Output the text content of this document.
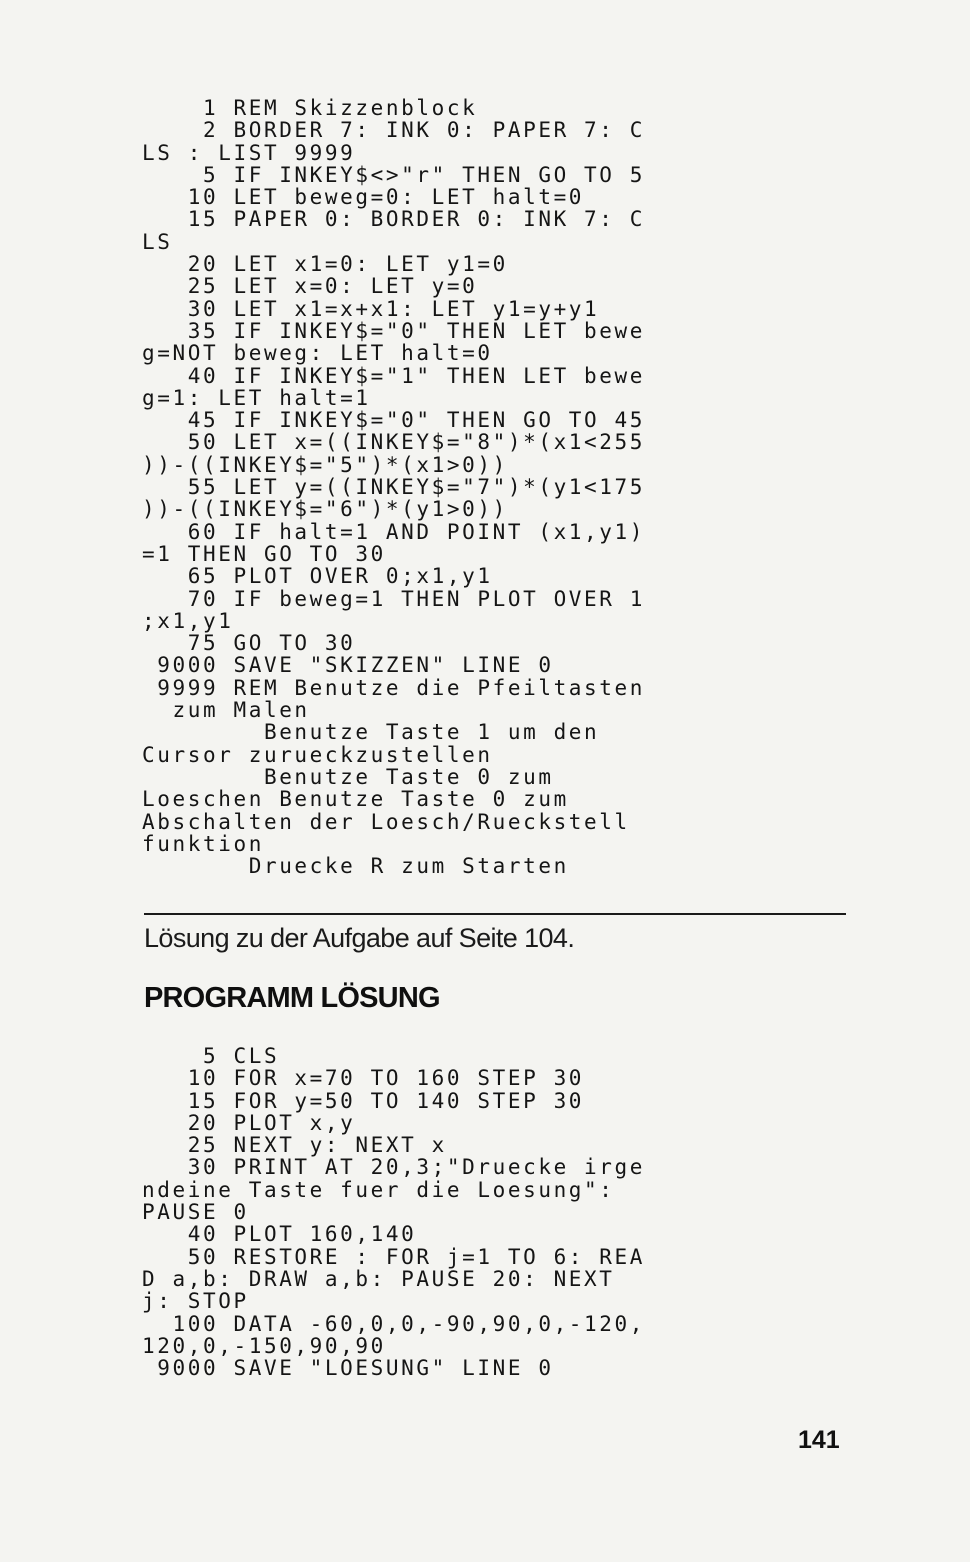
1 REM Skizzenblock
2 BORDER 7: INK 0: PAPER 7: C
LS : LIST 9999
5 IF INKEY$<>"r" THEN GO TO 5
10 LET beweg=0: LET halt=0
15 PAPER 0: BORDER 0: INK 7: C
LS
20 LET x1=0: LET y1=0
25 LET x=0: LET y=0
30 LET x1=x+x1: LET y1=y+y1
35 IF INKEY$="0" THEN LET bewe
g=NOT beweg: LET halt=0
40 IF INKEY$="1" THEN LET bewe
g=1: LET halt=1
45 IF INKEY$="0" THEN GO TO 45
50 LET x=((INKEY$="8")*(x1<255
))-((INKEY$="5")*(x1>0))
55 LET y=((INKEY$="7")*(y1<175
))-((INKEY$="6")*(y1>0))
60 IF halt=1 AND POINT (x1,y1)
=1 THEN GO TO 30
65 PLOT OVER 0;x1,y1
70 IF beweg=1 THEN PLOT OVER 1
;x1,y1
75 GO TO 30
9000 SAVE "SKIZZEN" LINE 0
9999 REM Benutze die Pfeiltasten
zum Malen
Benutze Taste 1 um den
Cursor zurueckzustellen
Benutze Taste 0 zum
Loeschen Benutze Taste 0 zum
Abschalten der Loesch/Rueckstell
funktion
Druecke R zum Starten
Lösung zu der Aufgabe auf Seite 104.
PROGRAMM LÖSUNG
5 CLS
10 FOR x=70 TO 160 STEP 30
15 FOR y=50 TO 140 STEP 30
20 PLOT x,y
25 NEXT y: NEXT x
30 PRINT AT 20,3;"Druecke irge
ndeine Taste fuer die Loesung":
PAUSE 0
40 PLOT 160,140
50 RESTORE : FOR j=1 TO 6: REA
D a,b: DRAW a,b: PAUSE 20: NEXT
j: STOP
100 DATA -60,0,0,-90,90,0,-120,
120,0,-150,90,90
9000 SAVE "LOESUNG" LINE 0
141
